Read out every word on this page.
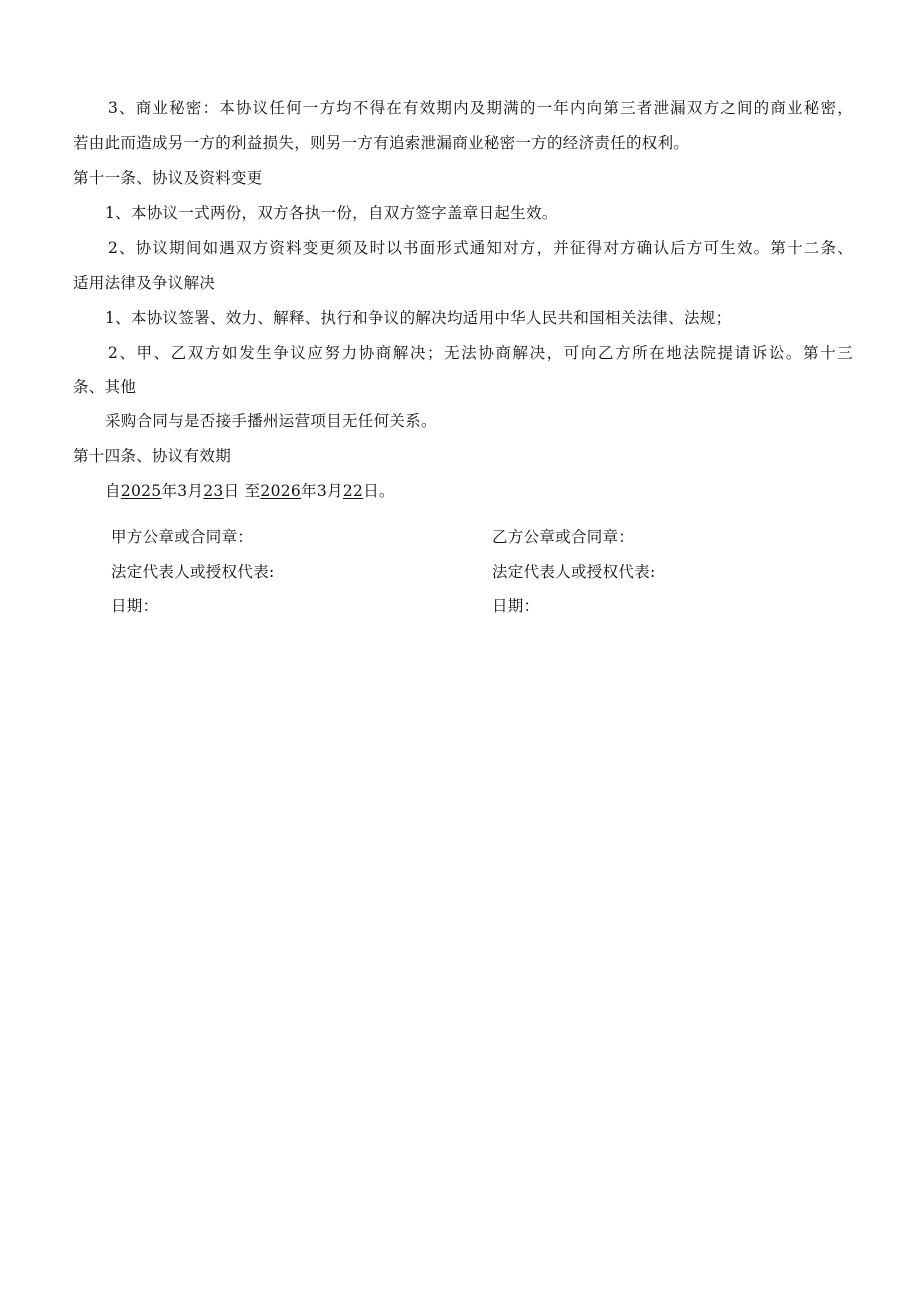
3、商业秘密：本协议任何一方均不得在有效期内及期满的一年内向第三者泄漏双方之间的商业秘密，
若由此而造成另一方的利益损失，则另一方有追索泄漏商业秘密一方的经济责任的权利。
第十一条、协议及资料变更
1、本协议一式两份，双方各执一份，自双方签字盖章日起生效。
2、协议期间如遇双方资料变更须及时以书面形式通知对方，并征得对方确认后方可生效。第十二条、
适用法律及争议解决
1、本协议签署、效力、解释、执行和争议的解决均适用中华人民共和国相关法律、法规；
2、甲、乙双方如发生争议应努力协商解决；无法协商解决，可向乙方所在地法院提请诉讼。第十三
条、其他
采购合同与是否接手播州运营项目无任何关系。
第十四条、协议有效期
自2025年3月23日 至2026年3月22日。
甲方公章或合同章：
法定代表人或授权代表:
日期：
乙方公章或合同章：
法定代表人或授权代表:
日期：
